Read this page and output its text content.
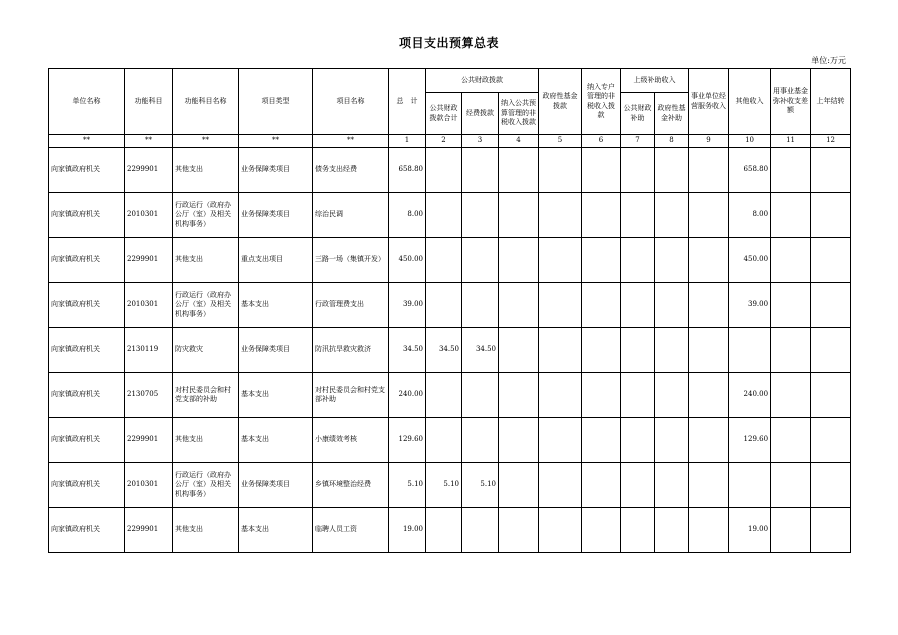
项目支出预算总表
单位:万元
单位名称	功能科目	功能科目名称	项目类型	项目名称	总　计	公共财政拨款			政府性基金拨款	纳入专户管理的非税收入拨款	上级补助收入		事业单位经营服务收入	其他收入	用事业基金弥补收支差额	上年结转
						公共财政拨款合计	经费拨款	纳入公共预算管理的非税收入拨款			公共财政补助	政府性基金补助				
**	**	**	**	**	1	2	3	4	5	6	7	8	9	10	11	12
向家镇政府机关	2299901	其他支出	业务保障类项目	债务支出经费	658.80									658.80		
向家镇政府机关	2010301	行政运行（政府办公厅（室）及相关机构事务）	业务保障类项目	综治民调	8.00									8.00		
向家镇政府机关	2299901	其他支出	重点支出项目	三路一场（集镇开发）	450.00									450.00		
向家镇政府机关	2010301	行政运行（政府办公厅（室）及相关机构事务）	基本支出	行政管理费支出	39.00									39.00		
向家镇政府机关	2130119	防灾救灾	业务保障类项目	防汛抗旱救灾救济	34.50	34.50	34.50									
向家镇政府机关	2130705	对村民委员会和村党支部的补助	基本支出	对村民委员会和村党支部补助	240.00									240.00		
向家镇政府机关	2299901	其他支出	基本支出	小康绩效考核	129.60									129.60		
向家镇政府机关	2010301	行政运行（政府办公厅（室）及相关机构事务）	业务保障类项目	乡镇环境整治经费	5.10	5.10	5.10									
向家镇政府机关	2299901	其他支出	基本支出	临聘人员工资	19.00									19.00		
